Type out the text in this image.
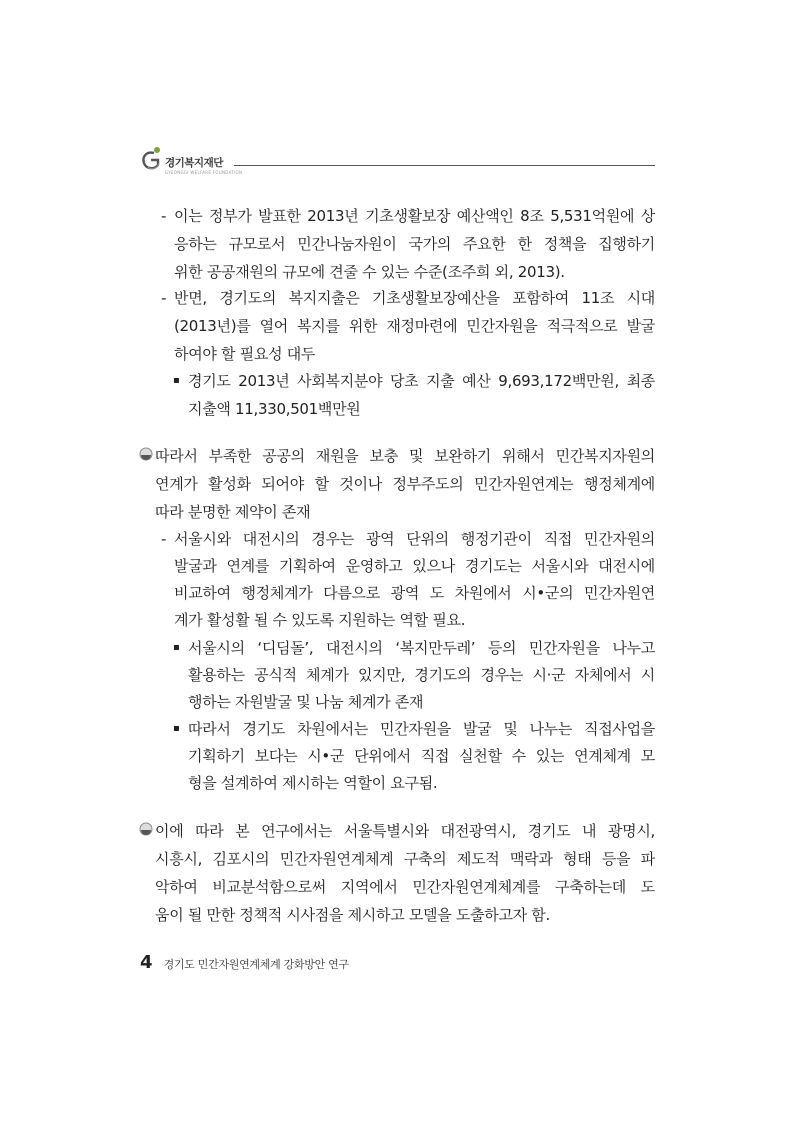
경기복지재단
GYEONGGI WELFARE FOUNDATION
- 이는 정부가 발표한 2013년 기초생활보장 예산액인 8조 5,531억원에 상
응하는 규모로서 민간나눔자원이 국가의 주요한 한 정책을 집행하기
위한 공공재원의 규모에 견줄 수 있는 수준(조주희 외, 2013).
- 반면, 경기도의 복지지출은 기초생활보장예산을 포함하여 11조 시대
(2013년)를 열어 복지를 위한 재정마련에 민간자원을 적극적으로 발굴
하여야 할 필요성 대두
▪ 경기도 2013년 사회복지분야 당초 지출 예산 9,693,172백만원, 최종
지출액 11,330,501백만원
따라서 부족한 공공의 재원을 보충 및 보완하기 위해서 민간복지자원의
연계가 활성화 되어야 할 것이나 정부주도의 민간자원연계는 행정체계에
따라 분명한 제약이 존재
- 서울시와 대전시의 경우는 광역 단위의 행정기관이 직접 민간자원의
발굴과 연계를 기획하여 운영하고 있으나 경기도는 서울시와 대전시에
비교하여 행정체계가 다름으로 광역 도 차원에서 시•군의 민간자원연
계가 활성활 될 수 있도록 지원하는 역할 필요.
▪ 서울시의 ‘디딤돌’, 대전시의 ‘복지만두레’ 등의 민간자원을 나누고
활용하는 공식적 체계가 있지만, 경기도의 경우는 시·군 자체에서 시
행하는 자원발굴 및 나눔 체계가 존재
▪ 따라서 경기도 차원에서는 민간자원을 발굴 및 나누는 직접사업을
기획하기 보다는 시•군 단위에서 직접 실천할 수 있는 연계체계 모
형을 설계하여 제시하는 역할이 요구됨.
이에 따라 본 연구에서는 서울특별시와 대전광역시, 경기도 내 광명시,
시흥시, 김포시의 민간자원연계체계 구축의 제도적 맥락과 형태 등을 파
악하여 비교분석함으로써 지역에서 민간자원연계체계를 구축하는데 도
움이 될 만한 정책적 시사점을 제시하고 모델을 도출하고자 함.
4 경기도 민간자원연계체계 강화방안 연구
